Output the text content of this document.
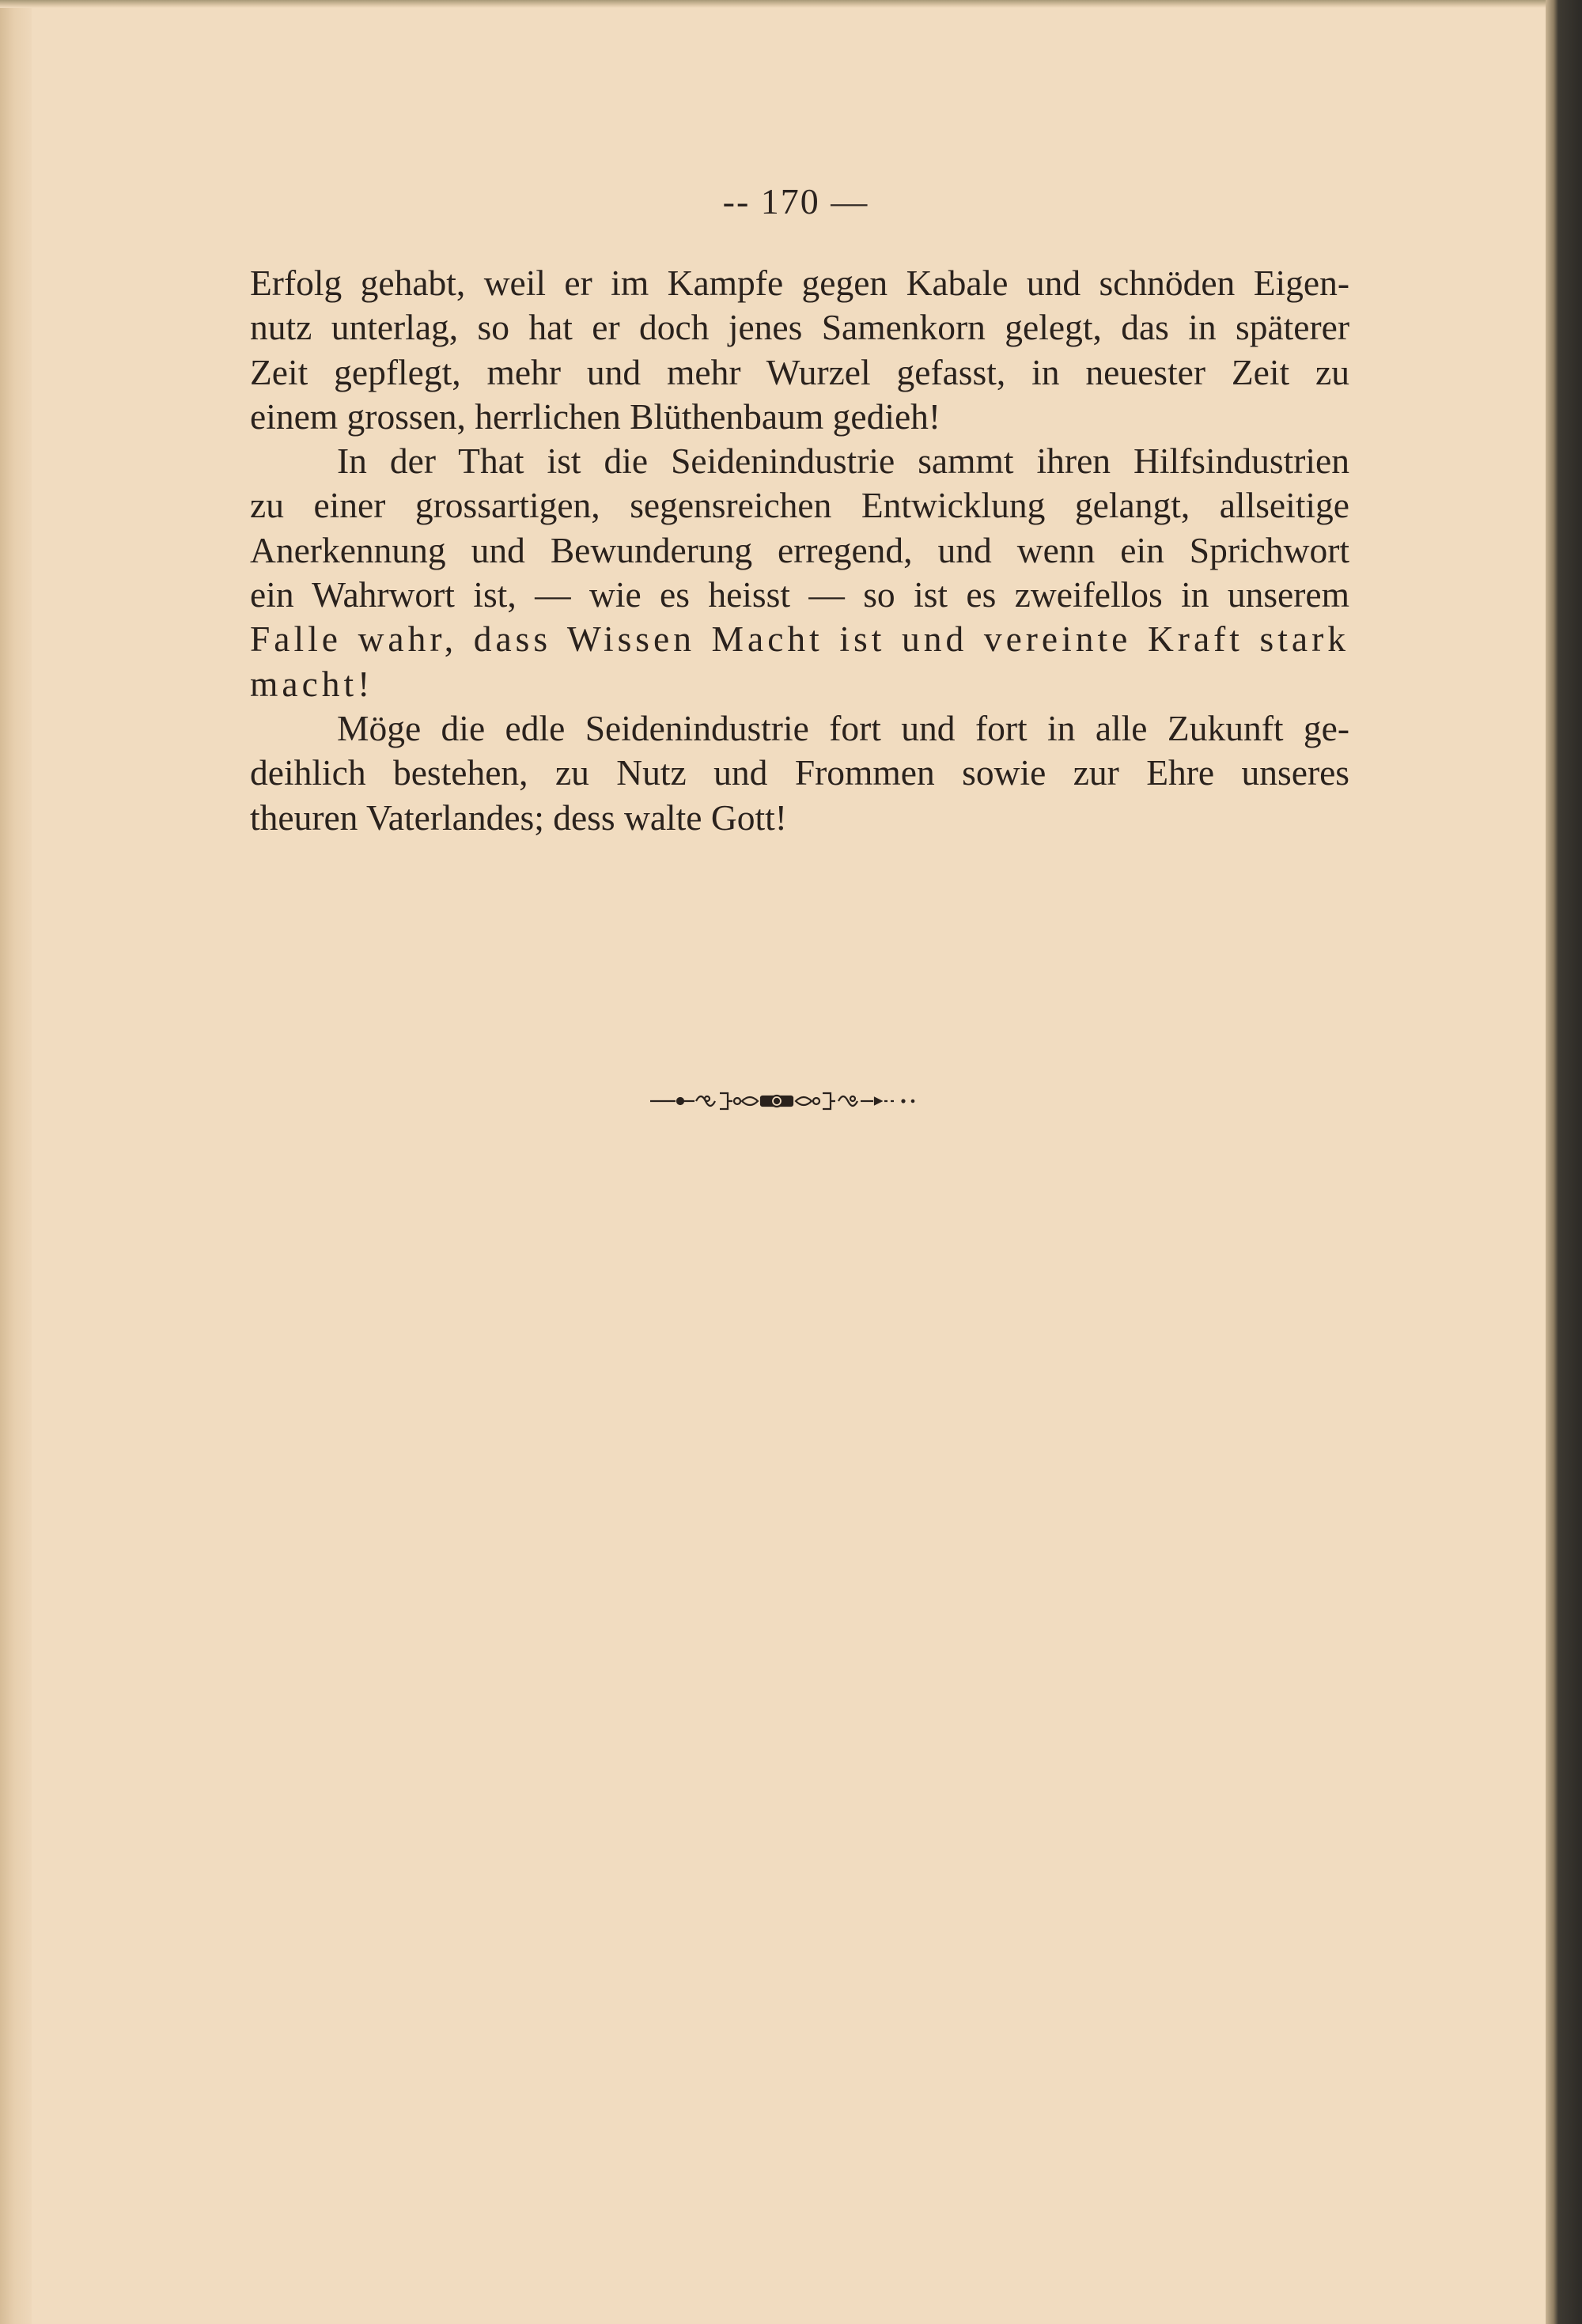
-- 170 —
Erfolg gehabt, weil er im Kampfe gegen Kabale und schnöden Eigen-
nutz unterlag, so hat er doch jenes Samenkorn gelegt, das in späterer
Zeit gepflegt, mehr und mehr Wurzel gefasst, in neuester Zeit zu
einem grossen, herrlichen Blüthenbaum gedieh!
In der That ist die Seidenindustrie sammt ihren Hilfsindustrien
zu einer grossartigen, segensreichen Entwicklung gelangt, allseitige
Anerkennung und Bewunderung erregend, und wenn ein Sprichwort
ein Wahrwort ist, — wie es heisst — so ist es zweifellos in unserem
Falle wahr, dass Wissen Macht ist und vereinte Kraft stark
macht!
Möge die edle Seidenindustrie fort und fort in alle Zukunft ge-
deihlich bestehen, zu Nutz und Frommen sowie zur Ehre unseres
theuren Vaterlandes; dess walte Gott!
